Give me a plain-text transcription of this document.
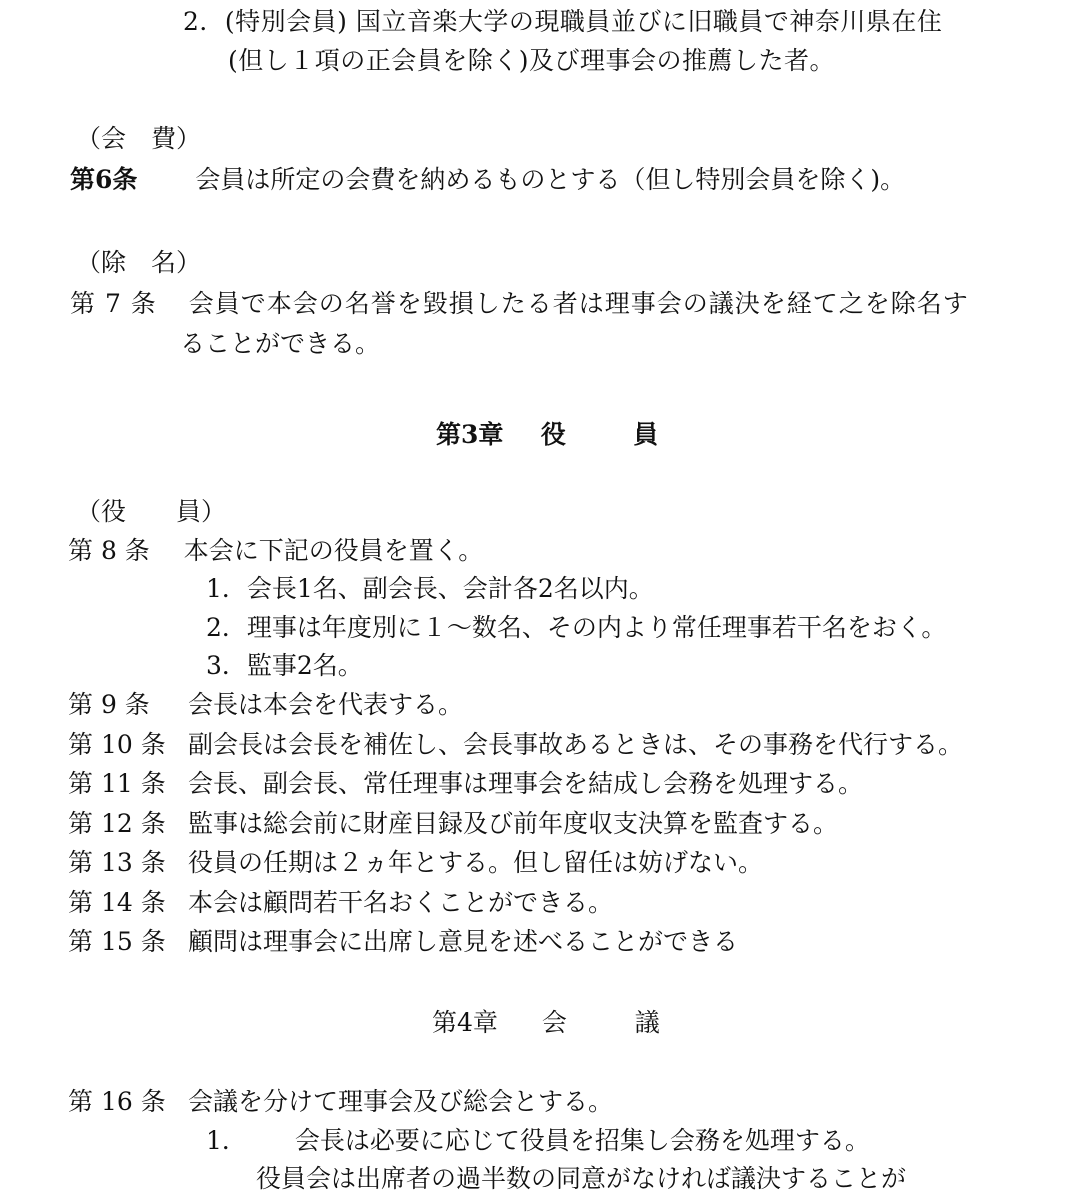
2．(特別会員) 国立音楽大学の現職員並びに旧職員で神奈川県在住
(但し１項の正会員を除く)及び理事会の推薦した者。
（会　費）
第6条 会員は所定の会費を納めるものとする（但し特別会員を除く)。
（除　名）
第 7 条 会員で本会の名誉を毀損したる者は理事会の議決を経て之を除名す
ることができる。
第3章 役	員
（役　　員）
第 8 条 本会に下記の役員を置く。
1．会長1名、副会長、会計各2名以内。
2．理事は年度別に１～数名、その内より常任理事若干名をおく。
3．監事2名。
第 9 条 会長は本会を代表する。
第 10 条 副会長は会長を補佐し、会長事故あるときは、その事務を代行する。
第 11 条 会長、副会長、常任理事は理事会を結成し会務を処理する。
第 12 条 監事は総会前に財産目録及び前年度収支決算を監査する。
第 13 条 役員の任期は２ヵ年とする。但し留任は妨げない。
第 14 条 本会は顧問若干名おくことができる。
第 15 条 顧問は理事会に出席し意見を述べることができる
第4章 会	議
第 16 条 会議を分けて理事会及び総会とする。
1． 会長は必要に応じて役員を招集し会務を処理する。
役員会は出席者の過半数の同意がなければ議決することが
